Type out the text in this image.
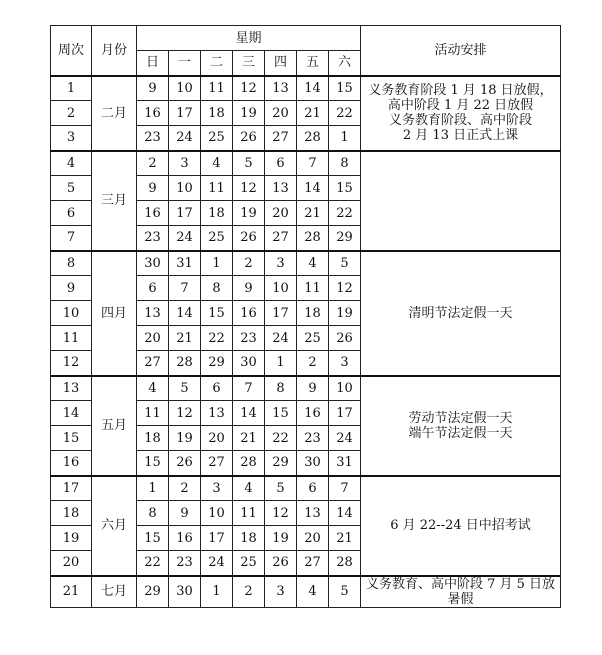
周次	月份	星期							活动安排
		日	一	二	三	四	五	六	
1	二月	9	10	11	12	13	14	15	义务教育阶段 1 月 18 日放假，
高中阶段 1 月 22 日放假
义务教育阶段、高中阶段
2 月 13 日正式上课

2		16	17	18	19	20	21	22	
3		23	24	25	26	27	28	1	
4	三月	2	3	4	5	6	7	8	
5		9	10	11	12	13	14	15	
6		16	17	18	19	20	21	22	
7		23	24	25	26	27	28	29	
8	四月	30	31	1	2	3	4	5	清明节法定假一天

9		6	7	8	9	10	11	12	
10		13	14	15	16	17	18	19	
11		20	21	22	23	24	25	26	
12		27	28	29	30	1	2	3	
13	五月	4	5	6	7	8	9	10	劳动节法定假一天
端午节法定假一天

14		11	12	13	14	15	16	17	
15		18	19	20	21	22	23	24	
16		15	26	27	28	29	30	31	
17	六月	1	2	3	4	5	6	7	6 月 22--24 日中招考试

18		8	9	10	11	12	13	14	
19		15	16	17	18	19	20	21	
20		22	23	24	25	26	27	28	
21	七月	29	30	1	2	3	4	5	义务教育、高中阶段 7 月 5 日放
暑假
